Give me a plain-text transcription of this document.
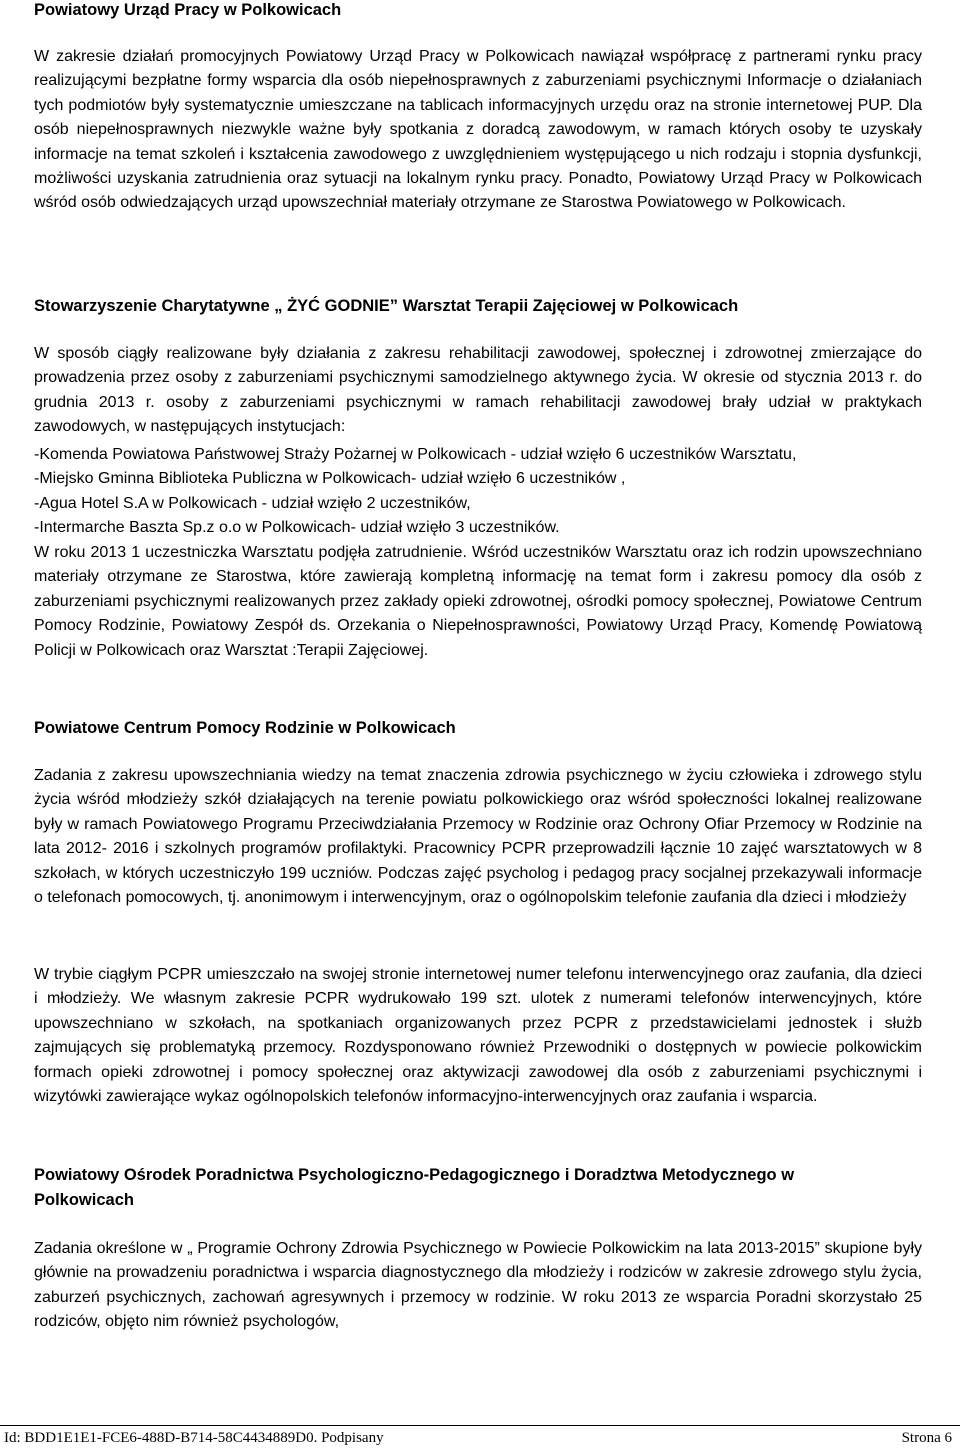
Powiatowy Urząd Pracy w Polkowicach

W zakresie działań promocyjnych Powiatowy Urząd Pracy w Polkowicach nawiązał współpracę z partnerami rynku pracy realizującymi bezpłatne formy wsparcia dla osób niepełnosprawnych z zaburzeniami psychicznymi Informacje o działaniach tych podmiotów były systematycznie umieszczane na tablicach informacyjnych urzędu oraz na stronie internetowej PUP. Dla osób niepełnosprawnych niezwykle ważne były spotkania z doradcą zawodowym, w ramach których osoby te uzyskały informacje na temat szkoleń i kształcenia zawodowego z uwzględnieniem występującego u nich rodzaju i stopnia dysfunkcji, możliwości uzyskania zatrudnienia oraz sytuacji na lokalnym rynku pracy. Ponadto, Powiatowy Urząd Pracy w Polkowicach wśród osób odwiedzających urząd upowszechniał materiały otrzymane ze Starostwa Powiatowego w Polkowicach.

Stowarzyszenie Charytatywne „ ŻYĆ GODNIE” Warsztat Terapii Zajęciowej w Polkowicach

W sposób ciągły realizowane były działania z zakresu rehabilitacji zawodowej, społecznej i zdrowotnej zmierzające do prowadzenia przez osoby z zaburzeniami psychicznymi samodzielnego aktywnego życia. W okresie od stycznia 2013 r. do grudnia 2013 r. osoby z zaburzeniami psychicznymi w ramach rehabilitacji zawodowej brały udział w praktykach zawodowych, w następujących instytucjach:

-Komenda Powiatowa Państwowej Straży Pożarnej w Polkowicach - udział wzięło 6 uczestników Warsztatu,
-Miejsko Gminna Biblioteka Publiczna w Polkowicach- udział wzięło 6 uczestników ,
-Agua Hotel S.A w Polkowicach - udział wzięło 2 uczestników,
-Intermarche Baszta Sp.z o.o w Polkowicach- udział wzięło 3 uczestników.

W roku 2013 1 uczestniczka Warsztatu podjęła zatrudnienie. Wśród uczestników Warsztatu oraz ich rodzin upowszechniano materiały otrzymane ze Starostwa, które zawierają kompletną informację na temat form i zakresu pomocy dla osób z zaburzeniami psychicznymi realizowanych przez zakłady opieki zdrowotnej, ośrodki pomocy społecznej, Powiatowe Centrum Pomocy Rodzinie, Powiatowy Zespół ds. Orzekania o Niepełnosprawności, Powiatowy Urząd Pracy, Komendę Powiatową Policji w Polkowicach oraz Warsztat :Terapii Zajęciowej.

Powiatowe Centrum Pomocy Rodzinie w Polkowicach

Zadania z zakresu upowszechniania wiedzy na temat znaczenia zdrowia psychicznego w życiu człowieka i zdrowego stylu życia wśród młodzieży szkół działających na terenie powiatu polkowickiego oraz wśród społeczności lokalnej realizowane były w ramach Powiatowego Programu Przeciwdziałania Przemocy w Rodzinie oraz Ochrony Ofiar Przemocy w Rodzinie na lata 2012- 2016 i szkolnych programów profilaktyki. Pracownicy PCPR przeprowadzili łącznie 10 zajęć warsztatowych w 8 szkołach, w których uczestniczyło 199 uczniów. Podczas zajęć psycholog i pedagog pracy socjalnej przekazywali informacje o telefonach pomocowych, tj. anonimowym i interwencyjnym, oraz o ogólnopolskim telefonie zaufania dla dzieci i młodzieży

W trybie ciągłym PCPR umieszczało na swojej stronie internetowej numer telefonu interwencyjnego oraz zaufania, dla dzieci i młodzieży. We własnym zakresie PCPR wydrukowało 199 szt. ulotek z numerami telefonów interwencyjnych, które upowszechniano w szkołach, na spotkaniach organizowanych przez PCPR z przedstawicielami jednostek i służb zajmujących się problematyką przemocy. Rozdysponowano również Przewodniki o dostępnych w powiecie polkowickim formach opieki zdrowotnej i pomocy społecznej oraz aktywizacji zawodowej dla osób z zaburzeniami psychicznymi i wizytówki zawierające wykaz ogólnopolskich telefonów informacyjno-interwencyjnych oraz zaufania i wsparcia.

Powiatowy Ośrodek Poradnictwa Psychologiczno-Pedagogicznego i Doradztwa Metodycznego w Polkowicach

Zadania określone w „ Programie Ochrony Zdrowia Psychicznego w Powiecie Polkowickim na lata 2013-2015” skupione były głównie na prowadzeniu poradnictwa i wsparcia diagnostycznego dla młodzieży i rodziców w zakresie zdrowego stylu życia, zaburzeń psychicznych, zachowań agresywnych i przemocy w rodzinie. W roku 2013 ze wsparcia Poradni skorzystało 25 rodziców, objęto nim również psychologów,

Id: BDD1E1E1-FCE6-488D-B714-58C4434889D0. Podpisany	Strona 6
